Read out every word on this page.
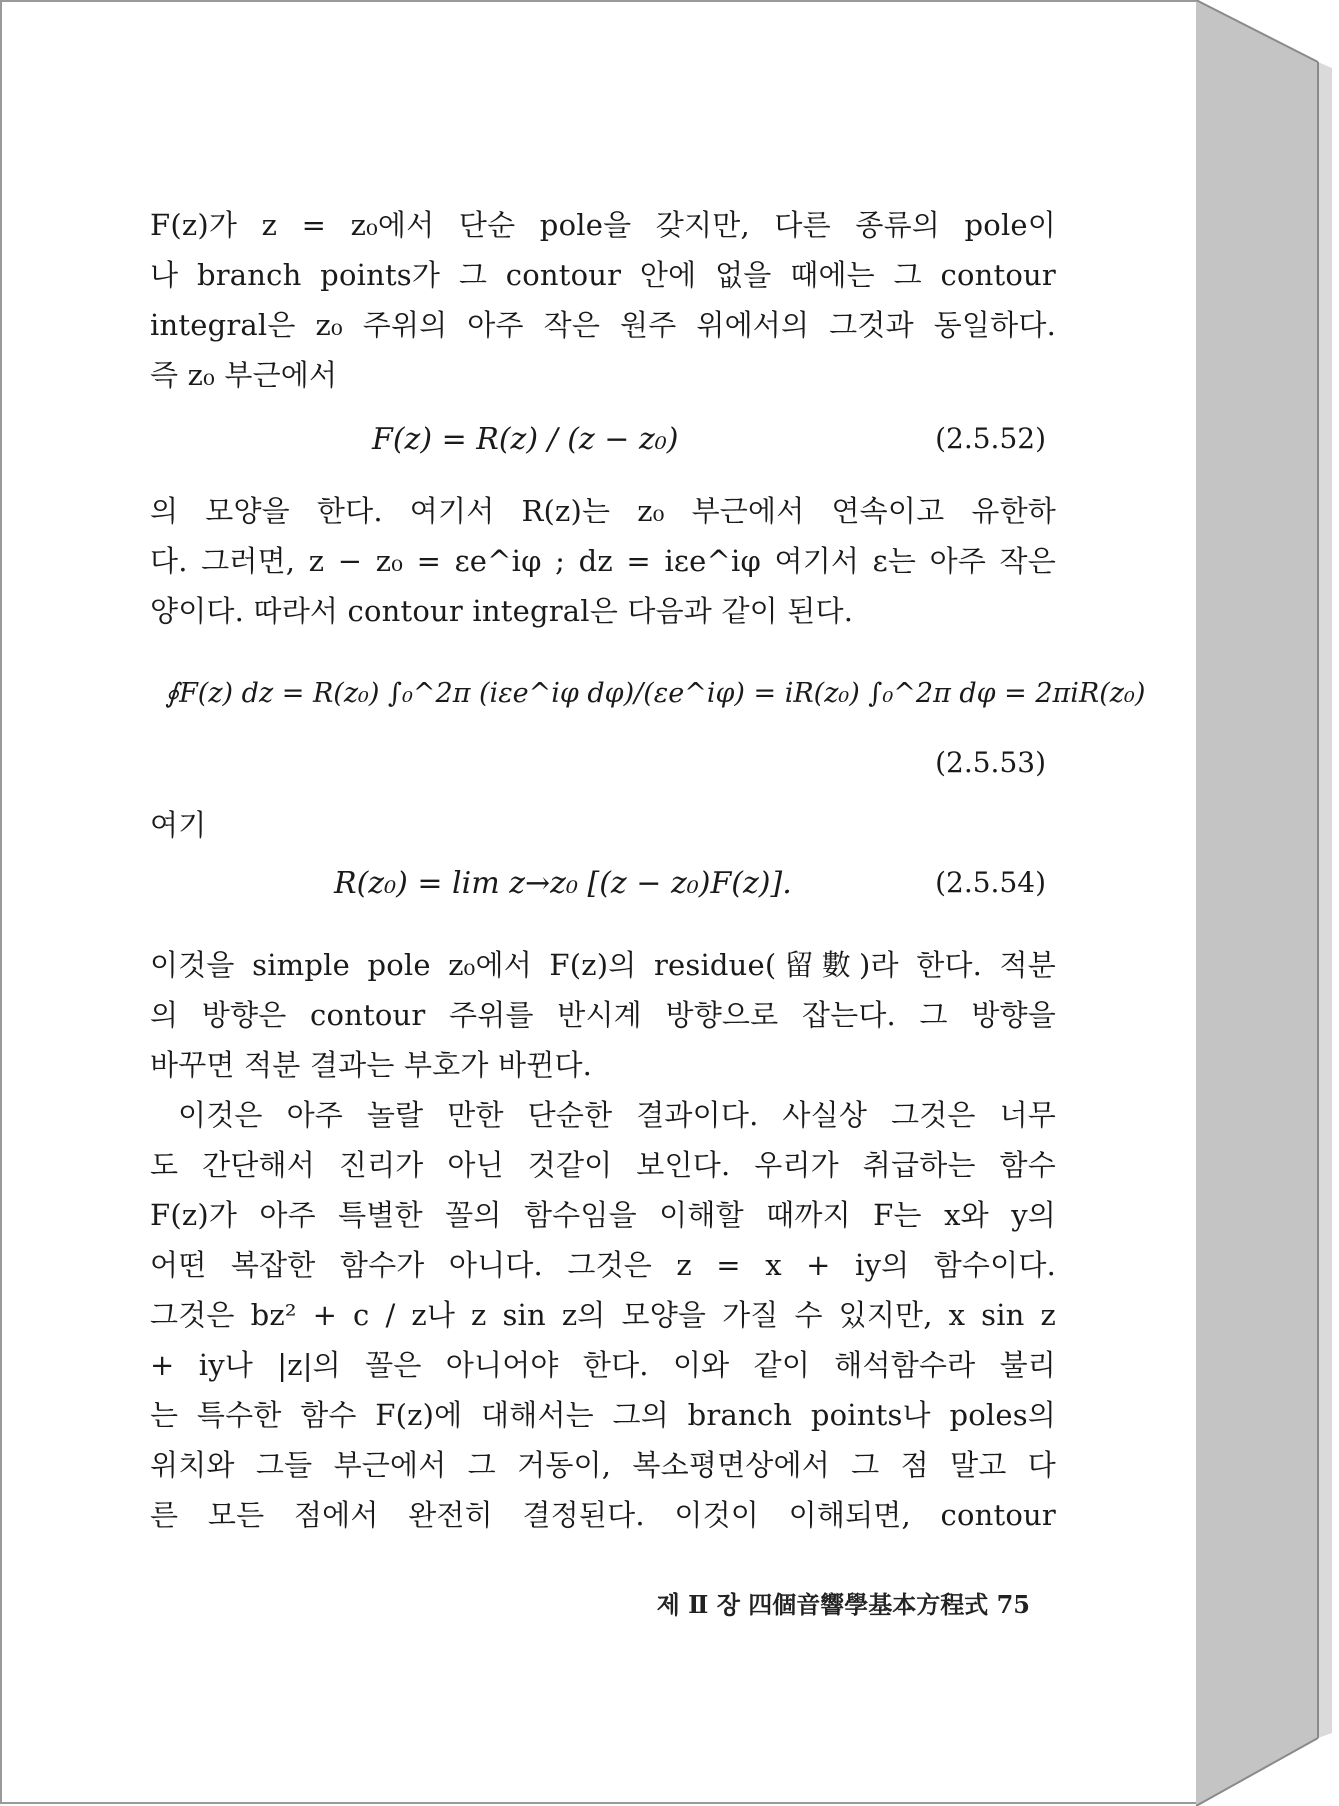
F(z)가 z = z₀에서 단순 pole을 갖지만, 다른 종류의 pole이
나 branch points가 그 contour 안에 없을 때에는 그 contour
integral은 z₀ 주위의 아주 작은 원주 위에서의 그것과 동일하다.
즉 z₀ 부근에서
F(z) = R(z) / (z − z₀)	(2.5.52)
의 모양을 한다. 여기서 R(z)는 z₀ 부근에서 연속이고 유한하
다. 그러면, z − z₀ = εe^iφ ; dz = iεe^iφ 여기서 ε는 아주 작은
양이다. 따라서 contour integral은 다음과 같이 된다.
∮F(z) dz = R(z₀) ∫₀^2π (iεe^iφ dφ)/(εe^iφ) = iR(z₀) ∫₀^2π dφ = 2πiR(z₀)
(2.5.53)
여기
R(z₀) = lim z→z₀ [(z − z₀)F(z)].	(2.5.54)
이것을 simple pole z₀에서 F(z)의 residue(留數)라 한다. 적분
의 방향은 contour 주위를 반시계 방향으로 잡는다. 그 방향을
바꾸면 적분 결과는 부호가 바뀐다.
이것은 아주 놀랄 만한 단순한 결과이다. 사실상 그것은 너무
도 간단해서 진리가 아닌 것같이 보인다. 우리가 취급하는 함수
F(z)가 아주 특별한 꼴의 함수임을 이해할 때까지 F는 x와 y의
어떤 복잡한 함수가 아니다. 그것은 z = x + iy의 함수이다.
그것은 bz² + c / z나 z sin z의 모양을 가질 수 있지만, x sin z
+ iy나 |z|의 꼴은 아니어야 한다. 이와 같이 해석함수라 불리
는 특수한 함수 F(z)에 대해서는 그의 branch points나 poles의
위치와 그들 부근에서 그 거동이, 복소평면상에서 그 점 말고 다
른 모든 점에서 완전히 결정된다. 이것이 이해되면, contour
제 Ⅱ 장 四個音響學基本方程式 75
